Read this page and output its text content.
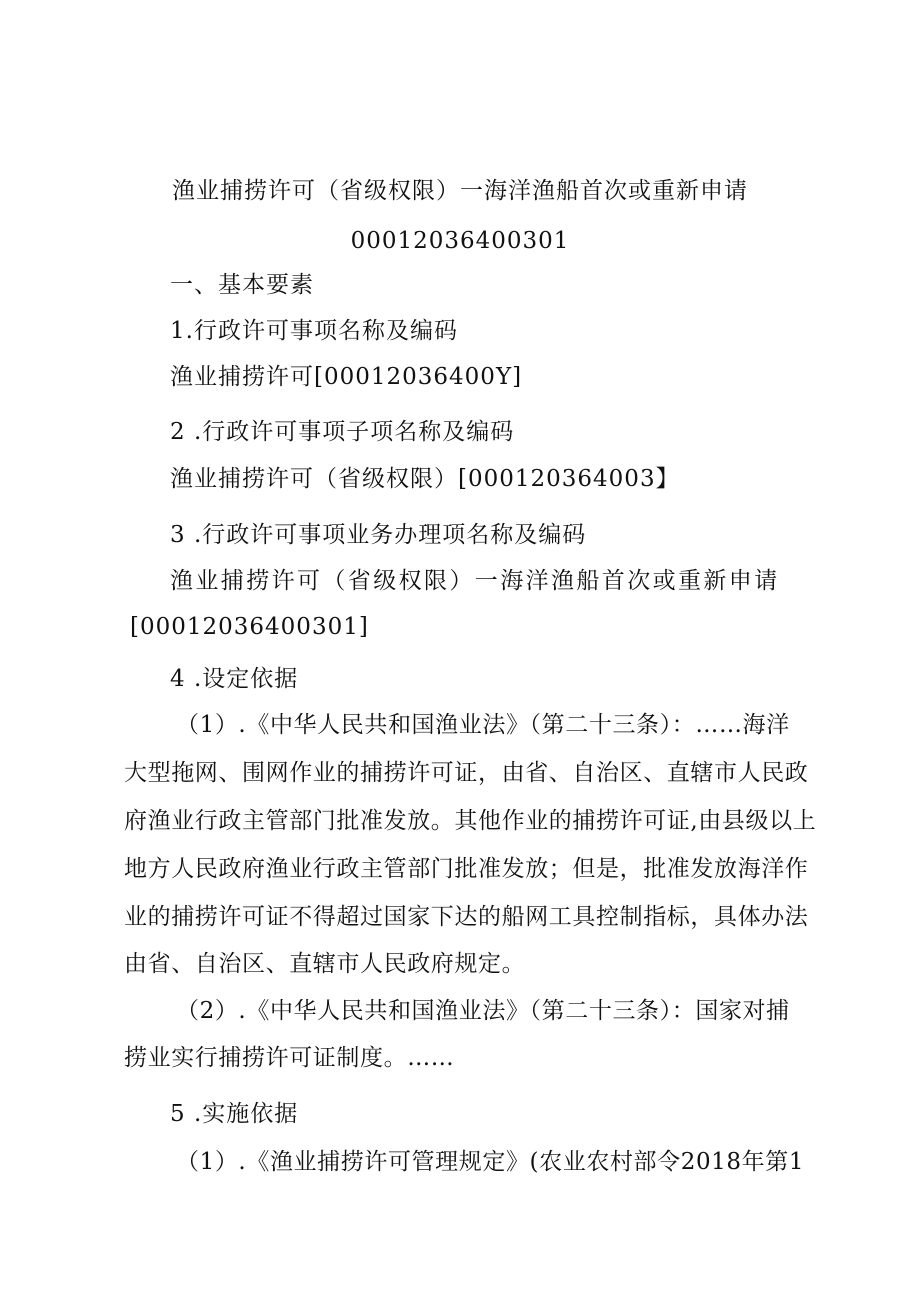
渔业捕捞许可（省级权限）一海洋渔船首次或重新申请
00012036400301
一、基本要素
1.行政许可事项名称及编码
渔业捕捞许可[00012036400Y]
2 .行政许可事项子项名称及编码
渔业捕捞许可（省级权限）[000120364003】
3 .行政许可事项业务办理项名称及编码
渔业捕捞许可（省级权限）一海洋渔船首次或重新申请
[00012036400301]
4 .设定依据
（1）.《中华人民共和国渔业法》（第二十三条）：……海洋
大型拖网、围网作业的捕捞许可证，由省、自治区、直辖市人民政
府渔业行政主管部门批准发放。其他作业的捕捞许可证,由县级以上
地方人民政府渔业行政主管部门批准发放；但是，批准发放海洋作
业的捕捞许可证不得超过国家下达的船网工具控制指标，具体办法
由省、自治区、直辖市人民政府规定。
（2）.《中华人民共和国渔业法》（第二十三条）：国家对捕
捞业实行捕捞许可证制度。……
5 .实施依据
（1）.《渔业捕捞许可管理规定》(农业农村部令2018年第1
